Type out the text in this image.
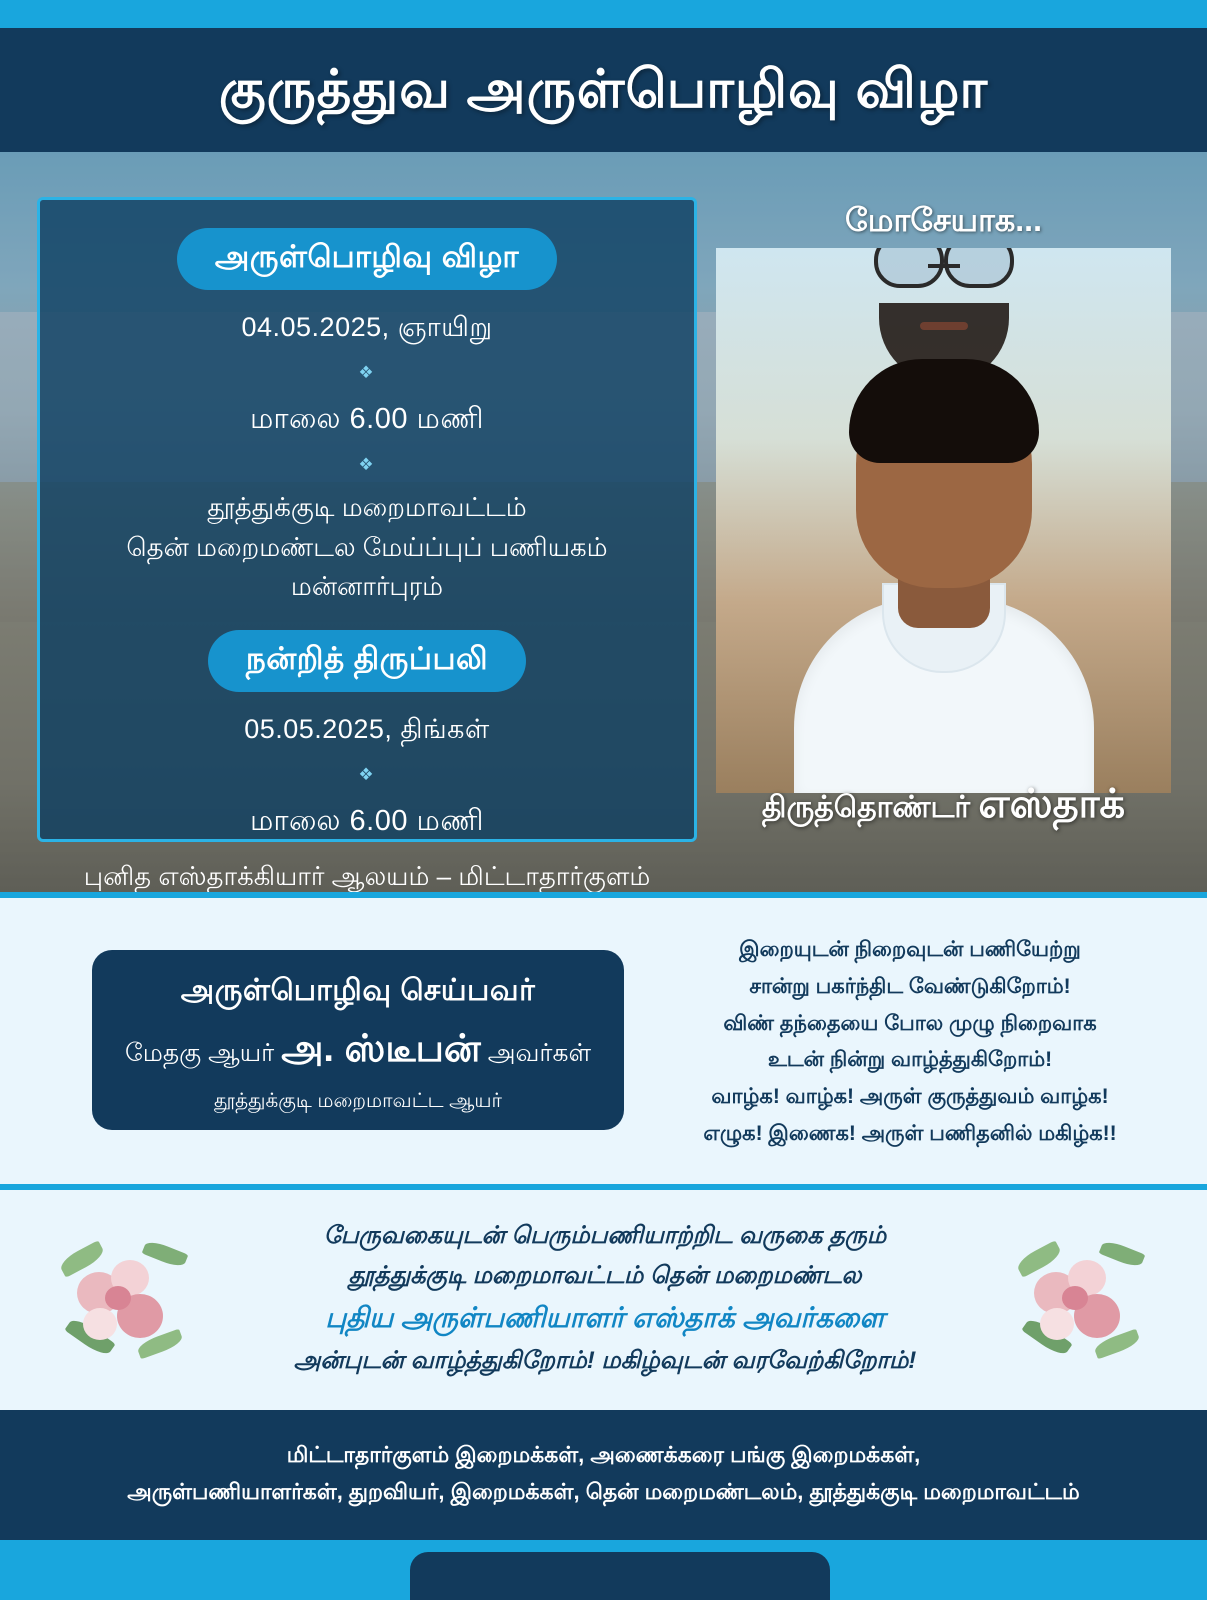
குருத்துவ அருள்பொழிவு விழா
அருள்பொழிவு விழா
04.05.2025, ஞாயிறு
❖
மாலை 6.00 மணி
❖
தூத்துக்குடி மறைமாவட்டம்
தென் மறைமண்டல மேய்ப்புப் பணியகம்
மன்னார்புரம்
நன்றித் திருப்பலி
05.05.2025, திங்கள்
❖
மாலை 6.00 மணி
புனித எஸ்தாக்கியார் ஆலயம் – மிட்டாதார்குளம்
மோசேயாக...
திருத்தொண்டர் எஸ்தாக்
அருள்பொழிவு செய்பவர்
மேதகு ஆயர் அ. ஸ்டீபன் அவர்கள்
தூத்துக்குடி மறைமாவட்ட ஆயர்
இறையுடன் நிறைவுடன் பணியேற்று
சான்று பகர்ந்திட வேண்டுகிறோம்!
விண் தந்தையை போல முழு நிறைவாக
உடன் நின்று வாழ்த்துகிறோம்!
வாழ்க! வாழ்க! அருள் குருத்துவம் வாழ்க!
எழுக! இணைக! அருள் பணிதனில் மகிழ்க!!
பேருவகையுடன் பெரும்பணியாற்றிட வருகை தரும்
தூத்துக்குடி மறைமாவட்டம் தென் மறைமண்டல
புதிய அருள்பணியாளர் எஸ்தாக் அவர்களை
அன்புடன் வாழ்த்துகிறோம்! மகிழ்வுடன் வரவேற்கிறோம்!
மிட்டாதார்குளம் இறைமக்கள், அணைக்கரை பங்கு இறைமக்கள்,
அருள்பணியாளர்கள், துறவியர், இறைமக்கள், தென் மறைமண்டலம், தூத்துக்குடி மறைமாவட்டம்
